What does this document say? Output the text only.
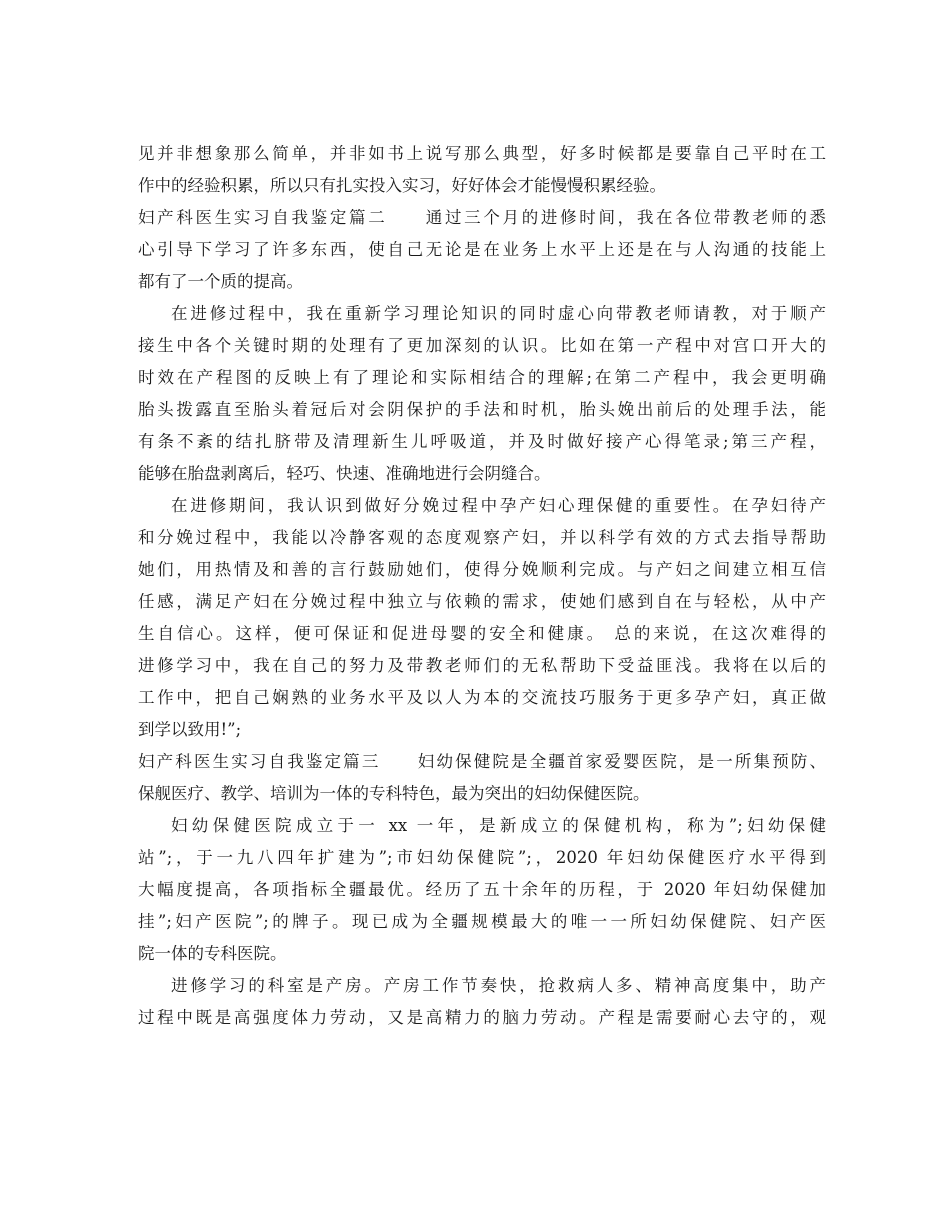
见并非想象那么简单，并非如书上说写那么典型，好多时候都是要靠自己平时在工
作中的经验积累，所以只有扎实投入实习，好好体会才能慢慢积累经验。
妇产科医生实习自我鉴定篇二　　通过三个月的进修时间，我在各位带教老师的悉
心引导下学习了许多东西，使自己无论是在业务上水平上还是在与人沟通的技能上
都有了一个质的提高。
在进修过程中，我在重新学习理论知识的同时虚心向带教老师请教，对于顺产
接生中各个关键时期的处理有了更加深刻的认识。比如在第一产程中对宫口开大的
时效在产程图的反映上有了理论和实际相结合的理解;在第二产程中，我会更明确
胎头拨露直至胎头着冠后对会阴保护的手法和时机，胎头娩出前后的处理手法，能
有条不紊的结扎脐带及清理新生儿呼吸道，并及时做好接产心得笔录;第三产程，
能够在胎盘剥离后，轻巧、快速、准确地进行会阴缝合。
在进修期间，我认识到做好分娩过程中孕产妇心理保健的重要性。在孕妇待产
和分娩过程中，我能以冷静客观的态度观察产妇，并以科学有效的方式去指导帮助
她们，用热情及和善的言行鼓励她们，使得分娩顺利完成。与产妇之间建立相互信
任感，满足产妇在分娩过程中独立与依赖的需求，使她们感到自在与轻松，从中产
生自信心。这样，便可保证和促进母婴的安全和健康。 总的来说，在这次难得的
进修学习中，我在自己的努力及带教老师们的无私帮助下受益匪浅。我将在以后的
工作中，把自己娴熟的业务水平及以人为本的交流技巧服务于更多孕产妇，真正做
到学以致用!”;
妇产科医生实习自我鉴定篇三　　妇幼保健院是全疆首家爱婴医院，是一所集预防、
保舰医疗、教学、培训为一体的专科特色，最为突出的妇幼保健医院。
妇幼保健医院成立于一 xx 一年，是新成立的保健机构，称为”;妇幼保健
站”;，于一九八四年扩建为”;市妇幼保健院”;，2020 年妇幼保健医疗水平得到
大幅度提高，各项指标全疆最优。经历了五十余年的历程，于 2020 年妇幼保健加
挂”;妇产医院”;的牌子。现已成为全疆规模最大的唯一一所妇幼保健院、妇产医
院一体的专科医院。
进修学习的科室是产房。产房工作节奏快，抢救病人多、精神高度集中，助产
过程中既是高强度体力劳动，又是高精力的脑力劳动。产程是需要耐心去守的，观
